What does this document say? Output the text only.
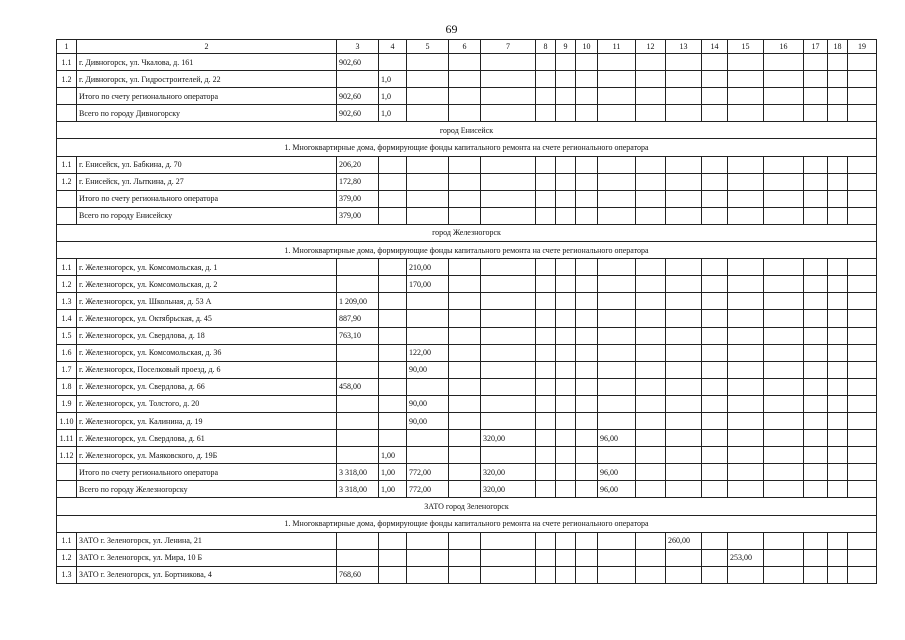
69
1	2	3	4	5	6	7	8	9	10	11	12	13	14	15	16	17	18	19
1.1	г. Дивногорск, ул. Чкалова, д. 161	902,60																
1.2	г. Дивногорск, ул. Гидростроителей, д. 22		1,0															
	Итого по счету регионального оператора	902,60	1,0															
	Всего по городу Дивногорску	902,60	1,0															
город Енисейск																		
1. Многоквартирные дома, формирующие фонды капитального ремонта на счете регионального оператора																		
1.1	г. Енисейск, ул. Бабкина, д. 70	206,20																
1.2	г. Енисейск, ул. Лыткина, д. 27	172,80																
	Итого по счету регионального оператора	379,00																
	Всего по городу Енисейску	379,00																
город Железногорск																		
1. Многоквартирные дома, формирующие фонды капитального ремонта на счете регионального оператора																		
1.1	г. Железногорск, ул. Комсомольская, д. 1			210,00														
1.2	г. Железногорск, ул. Комсомольская, д. 2			170,00														
1.3	г. Железногорск, ул. Школьная, д. 53 А	1 209,00																
1.4	г. Железногорск, ул. Октябрьская, д. 45	887,90																
1.5	г. Железногорск, ул. Свердлова, д. 18	763,10																
1.6	г. Железногорск, ул. Комсомольская, д. 36			122,00														
1.7	г. Железногорск, Поселковый проезд, д. 6			90,00														
1.8	г. Железногорск, ул. Свердлова, д. 66	458,00																
1.9	г. Железногорск, ул. Толстого, д. 20			90,00														
1.10	г. Железногорск, ул. Калинина, д. 19			90,00														
1.11	г. Железногорск, ул. Свердлова, д. 61					320,00				96,00								
1.12	г. Железногорск, ул. Маяковского, д. 19Б		1,00															
	Итого по счету регионального оператора	3 318,00	1,00	772,00		320,00				96,00								
	Всего по городу Железногорску	3 318,00	1,00	772,00		320,00				96,00								
ЗАТО город Зеленогорск																		
1. Многоквартирные дома, формирующие фонды капитального ремонта на счете регионального оператора																		
1.1	ЗАТО г. Зеленогорск, ул. Ленина, 21											260,00						
1.2	ЗАТО г. Зеленогорск, ул. Мира, 10 Б													253,00				
1.3	ЗАТО г. Зеленогорск, ул. Бортникова, 4	768,60																
